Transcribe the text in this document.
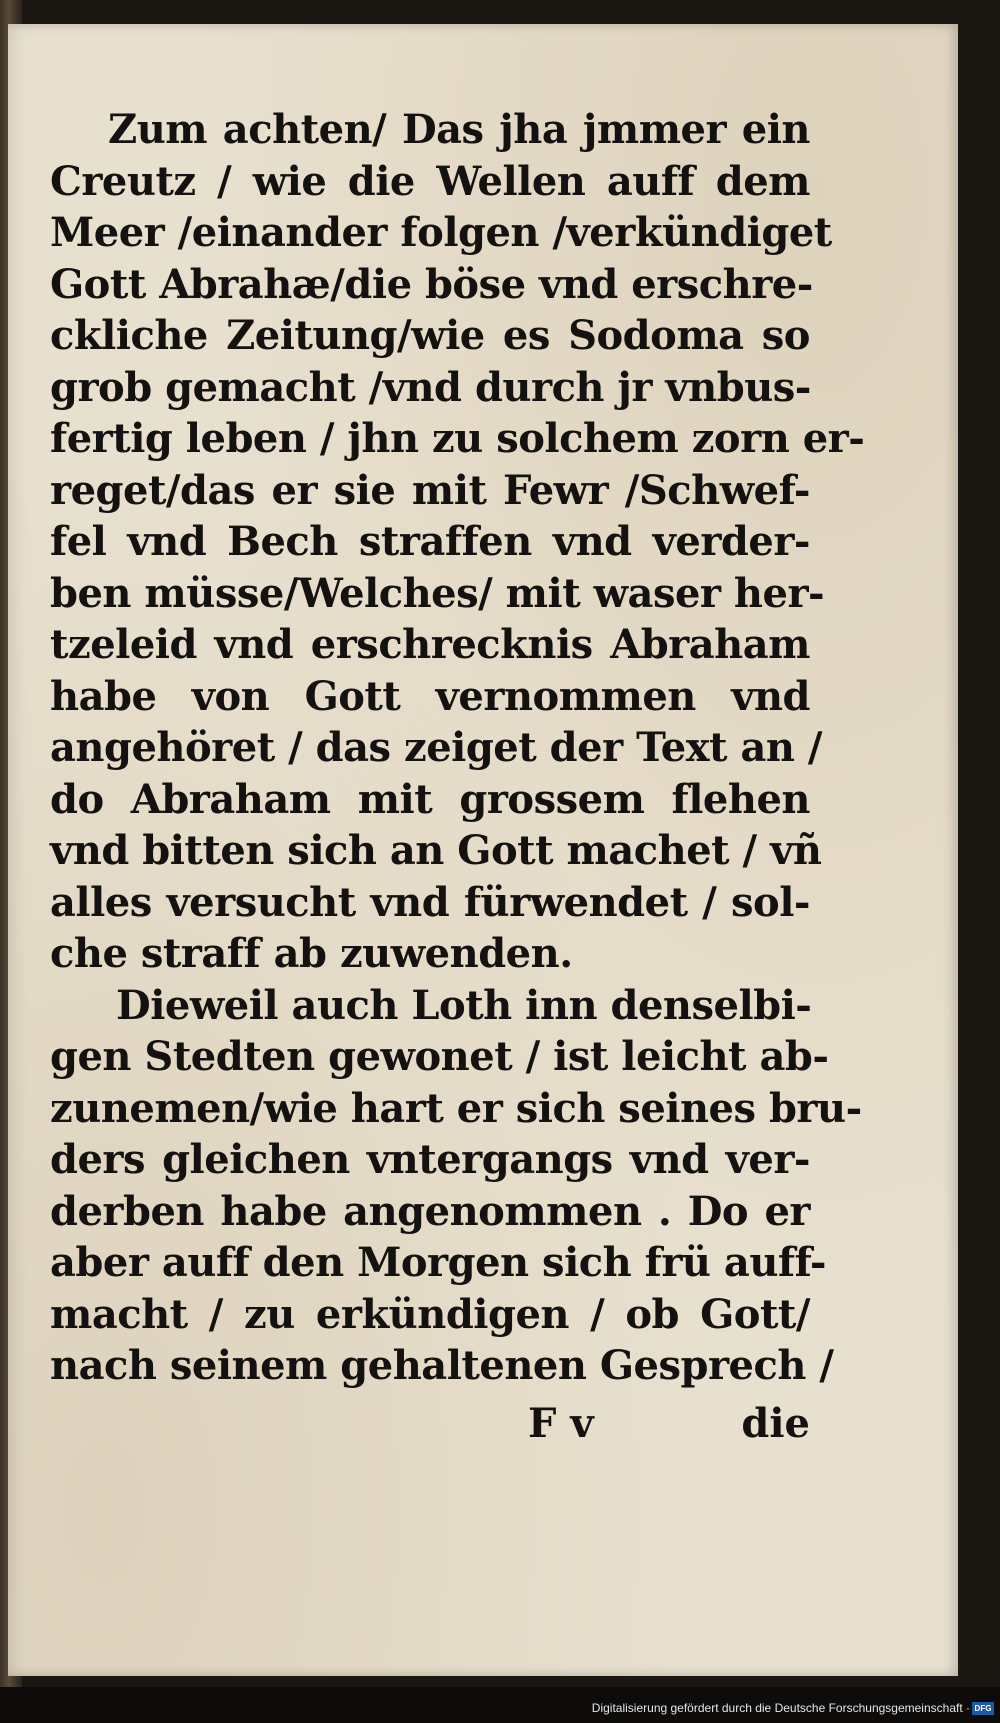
Zum achten/ Das jha jmmer ein
Creutz / wie die Wellen auff dem
Meer /einander folgen /verkündiget
Gott Abrahæ/die böse vnd erschre-
ckliche Zeitung/wie es Sodoma so
grob gemacht /vnd durch jr vnbus-
fertig leben / jhn zu solchem zorn er-
reget/das er sie mit Fewr /Schwef-
fel vnd Bech straffen vnd verder-
ben müsse/Welches/ mit waser her-
tzeleid vnd erschrecknis Abraham
habe von Gott vernommen vnd
angehöret / das zeiget der Text an /
do Abraham mit grossem flehen
vnd bitten sich an Gott machet / vñ
alles versucht vnd fürwendet / sol-
che straff ab zuwenden.
Dieweil auch Loth inn denselbi-
gen Stedten gewonet / ist leicht ab-
zunemen/wie hart er sich seines bru-
ders gleichen vntergangs vnd ver-
derben habe angenommen . Do er
aber auff den Morgen sich frü auff-
macht / zu erkündigen / ob Gott/
nach seinem gehaltenen Gesprech /
F v	die
Digitalisierung gefördert durch die Deutsche Forschungsgemeinschaft · DFG
